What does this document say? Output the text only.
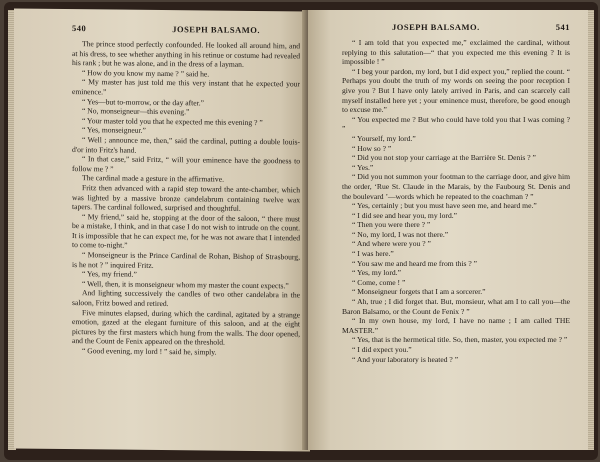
540	JOSEPH BALSAMO.

The prince stood perfectly confounded. He looked all around him, and at his dress, to see whether anything in his retinue or costume had revealed his rank ; but he was alone, and in the dress of a layman.

“ How do you know my name ? ” said he.

“ My master has just told me this very instant that he expected your eminence.”

“ Yes—but to-morrow, or the day after.”

“ No, monseigneur—this evening.”

“ Your master told you that he expected me this evening ? ”

“ Yes, monseigneur.”

“ Well ; announce me, then,” said the cardinal, putting a double louis-d'or into Fritz's hand.

“ In that case,” said Fritz, “ will your eminence have the goodness to follow me ? ”

The cardinal made a gesture in the affirmative.

Fritz then advanced with a rapid step toward the ante-chamber, which was lighted by a massive bronze candelabrum containing twelve wax tapers. The cardinal followed, surprised and thoughtful.

“ My friend,” said he, stopping at the door of the saloon, “ there must be a mistake, I think, and in that case I do not wish to intrude on the count. It is impossible that he can expect me, for he was not aware that I intended to come to-night.”

“ Monseigneur is the Prince Cardinal de Rohan, Bishop of Strasbourg, is he not ? ” inquired Fritz.

“ Yes, my friend.”

“ Well, then, it is monseigneur whom my master the count expects.”

And lighting successively the candles of two other candelabra in the saloon, Fritz bowed and retired.

Five minutes elapsed, during which the cardinal, agitated by a strange emotion, gazed at the elegant furniture of this saloon, and at the eight pictures by the first masters which hung from the walls. The door opened, and the Count de Fenix appeared on the threshold.

“ Good evening, my lord ! ” said he, simply.

JOSEPH BALSAMO.	541

“ I am told that you expected me,” exclaimed the cardinal, without replying to this salutation—“ that you expected me this evening ? It is impossible ! ”

“ I beg your pardon, my lord, but I did expect you,” replied the count. “ Perhaps you doubt the truth of my words on seeing the poor reception I give you ? But I have only lately arrived in Paris, and can scarcely call myself installed here yet ; your eminence must, therefore, be good enough to excuse me.”

“ You expected me ? But who could have told you that I was coming ? ”

“ Yourself, my lord.”

“ How so ? ”

“ Did you not stop your carriage at the Barrière St. Denis ? ”

“ Yes.”

“ Did you not summon your footman to the carriage door, and give him the order, ‘Rue St. Claude in the Marais, by the Faubourg St. Denis and the boulevard ’—words which he repeated to the coachman ? ”

“ Yes, certainly ; but you must have seen me, and heard me.”

“ I did see and hear you, my lord.”

“ Then you were there ? ”

“ No, my lord, I was not there.”

“ And where were you ? ”

“ I was here.”

“ You saw me and heard me from this ? ”

“ Yes, my lord.”

“ Come, come ! ”

“ Monseigneur forgets that I am a sorcerer.”

“ Ah, true ; I did forget that. But, monsieur, what am I to call you—the Baron Balsamo, or the Count de Fenix ? ”

“ In my own house, my lord, I have no name ; I am called THE MASTER.”

“ Yes, that is the hermetical title. So, then, master, you expected me ? ”

“ I did expect you.”

“ And your laboratory is heated ? ”
